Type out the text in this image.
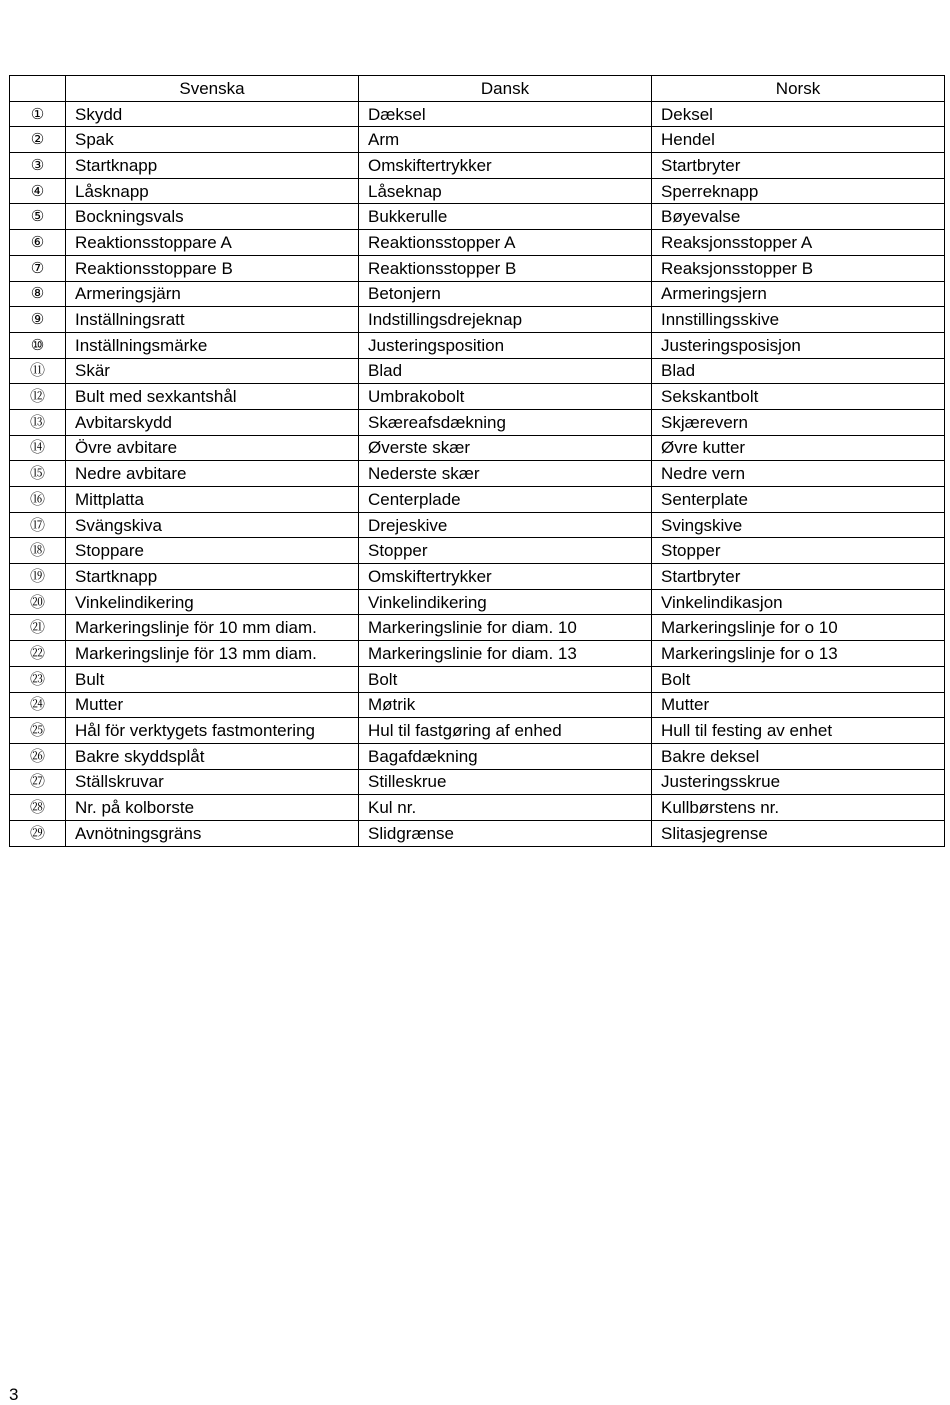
	Svenska	Dansk	Norsk
①	Skydd	Dæksel	Deksel
②	Spak	Arm	Hendel
③	Startknapp	Omskiftertrykker	Startbryter
④	Låsknapp	Låseknap	Sperreknapp
⑤	Bockningsvals	Bukkerulle	Bøyevalse
⑥	Reaktionsstoppare A	Reaktionsstopper A	Reaksjonsstopper A
⑦	Reaktionsstoppare B	Reaktionsstopper B	Reaksjonsstopper B
⑧	Armeringsjärn	Betonjern	Armeringsjern
⑨	Inställningsratt	Indstillingsdrejeknap	Innstillingsskive
⑩	Inställningsmärke	Justeringsposition	Justeringsposisjon
⑪	Skär	Blad	Blad
⑫	Bult med sexkantshål	Umbrakobolt	Sekskantbolt
⑬	Avbitarskydd	Skæreafsdækning	Skjærevern
⑭	Övre avbitare	Øverste skær	Øvre kutter
⑮	Nedre avbitare	Nederste skær	Nedre vern
⑯	Mittplatta	Centerplade	Senterplate
⑰	Svängskiva	Drejeskive	Svingskive
⑱	Stoppare	Stopper	Stopper
⑲	Startknapp	Omskiftertrykker	Startbryter
⑳	Vinkelindikering	Vinkelindikering	Vinkelindikasjon
㉑	Markeringslinje för 10 mm diam.	Markeringslinie for diam. 10	Markeringslinje for o 10
㉒	Markeringslinje för 13 mm diam.	Markeringslinie for diam. 13	Markeringslinje for o 13
㉓	Bult	Bolt	Bolt
㉔	Mutter	Møtrik	Mutter
㉕	Hål för verktygets fastmontering	Hul til fastgøring af enhed	Hull til festing av enhet
㉖	Bakre skyddsplåt	Bagafdækning	Bakre deksel
㉗	Ställskruvar	Stilleskrue	Justeringsskrue
㉘	Nr. på kolborste	Kul nr.	Kullbørstens nr.
㉙	Avnötningsgräns	Slidgrænse	Slitasjegrense
3
